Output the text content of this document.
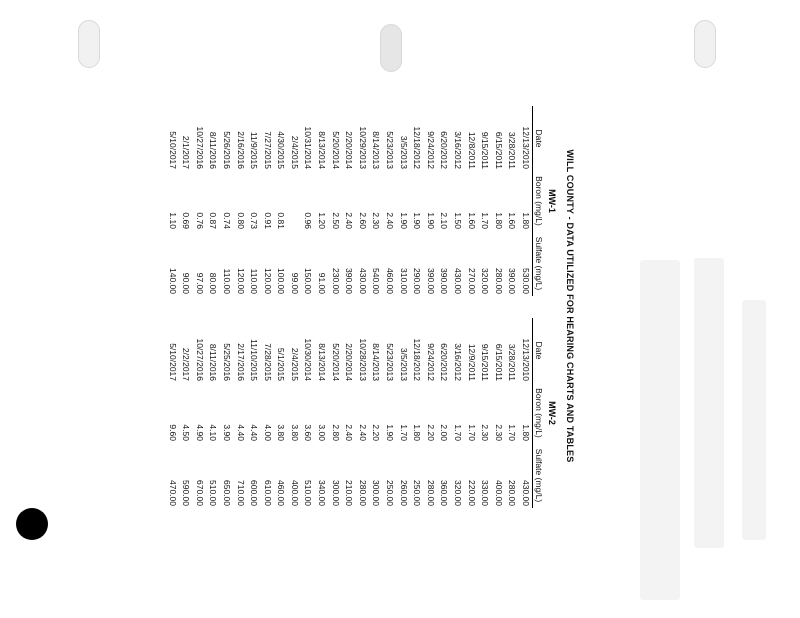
WILL COUNTY - DATA UTILIZED FOR HEARING CHARTS AND TABLES
MW-1
Date	Boron (mg/L)	Sulfate (mg/L)
12/13/2010	1.80	530.00
3/28/2011	1.60	390.00
6/15/2011	1.80	280.00
9/15/2011	1.70	320.00
12/8/2011	1.60	270.00
3/16/2012	1.50	430.00
6/20/2012	2.10	390.00
9/24/2012	1.90	390.00
12/18/2012	1.90	290.00
3/5/2013	1.90	310.00
5/23/2013	2.40	460.00
8/14/2013	2.30	540.00
10/29/2013	2.60	430.00
2/20/2014	2.40	390.00
5/20/2014	2.50	230.00
8/13/2014	1.20	91.00
10/31/2014	0.96	150.00
2/4/2015		99.00
4/30/2015	0.81	100.00
7/27/2015	0.91	120.00
11/9/2015	0.73	110.00
2/16/2016	0.80	120.00
5/26/2016	0.74	110.00
8/11/2016	0.87	80.00
10/27/2016	0.76	97.00
2/1/2017	0.69	90.00
5/10/2017	1.10	140.00
MW-2
Date	Boron (mg/L)	Sulfate (mg/L)
12/13/2010	1.80	430.00
3/28/2011	1.70	280.00
6/15/2011	2.30	400.00
9/15/2011	2.30	330.00
12/9/2011	1.70	220.00
3/16/2012	1.70	320.00
6/20/2012	2.00	360.00
9/24/2012	2.20	280.00
12/18/2012	1.80	250.00
3/5/2013	1.70	260.00
5/23/2013	1.90	250.00
8/14/2013	2.20	300.00
10/28/2013	2.40	280.00
2/20/2014	2.40	210.00
5/20/2014	2.80	300.00
8/13/2014	3.00	340.00
10/30/2014	3.60	510.00
2/4/2015	3.80	400.00
5/1/2015	3.80	460.00
7/28/2015	4.00	610.00
11/10/2015	4.40	600.00
2/17/2016	4.40	710.00
5/25/2016	3.90	650.00
8/11/2016	4.10	510.00
10/27/2016	4.90	670.00
2/2/2017	4.50	590.00
5/10/2017	9.60	470.00
